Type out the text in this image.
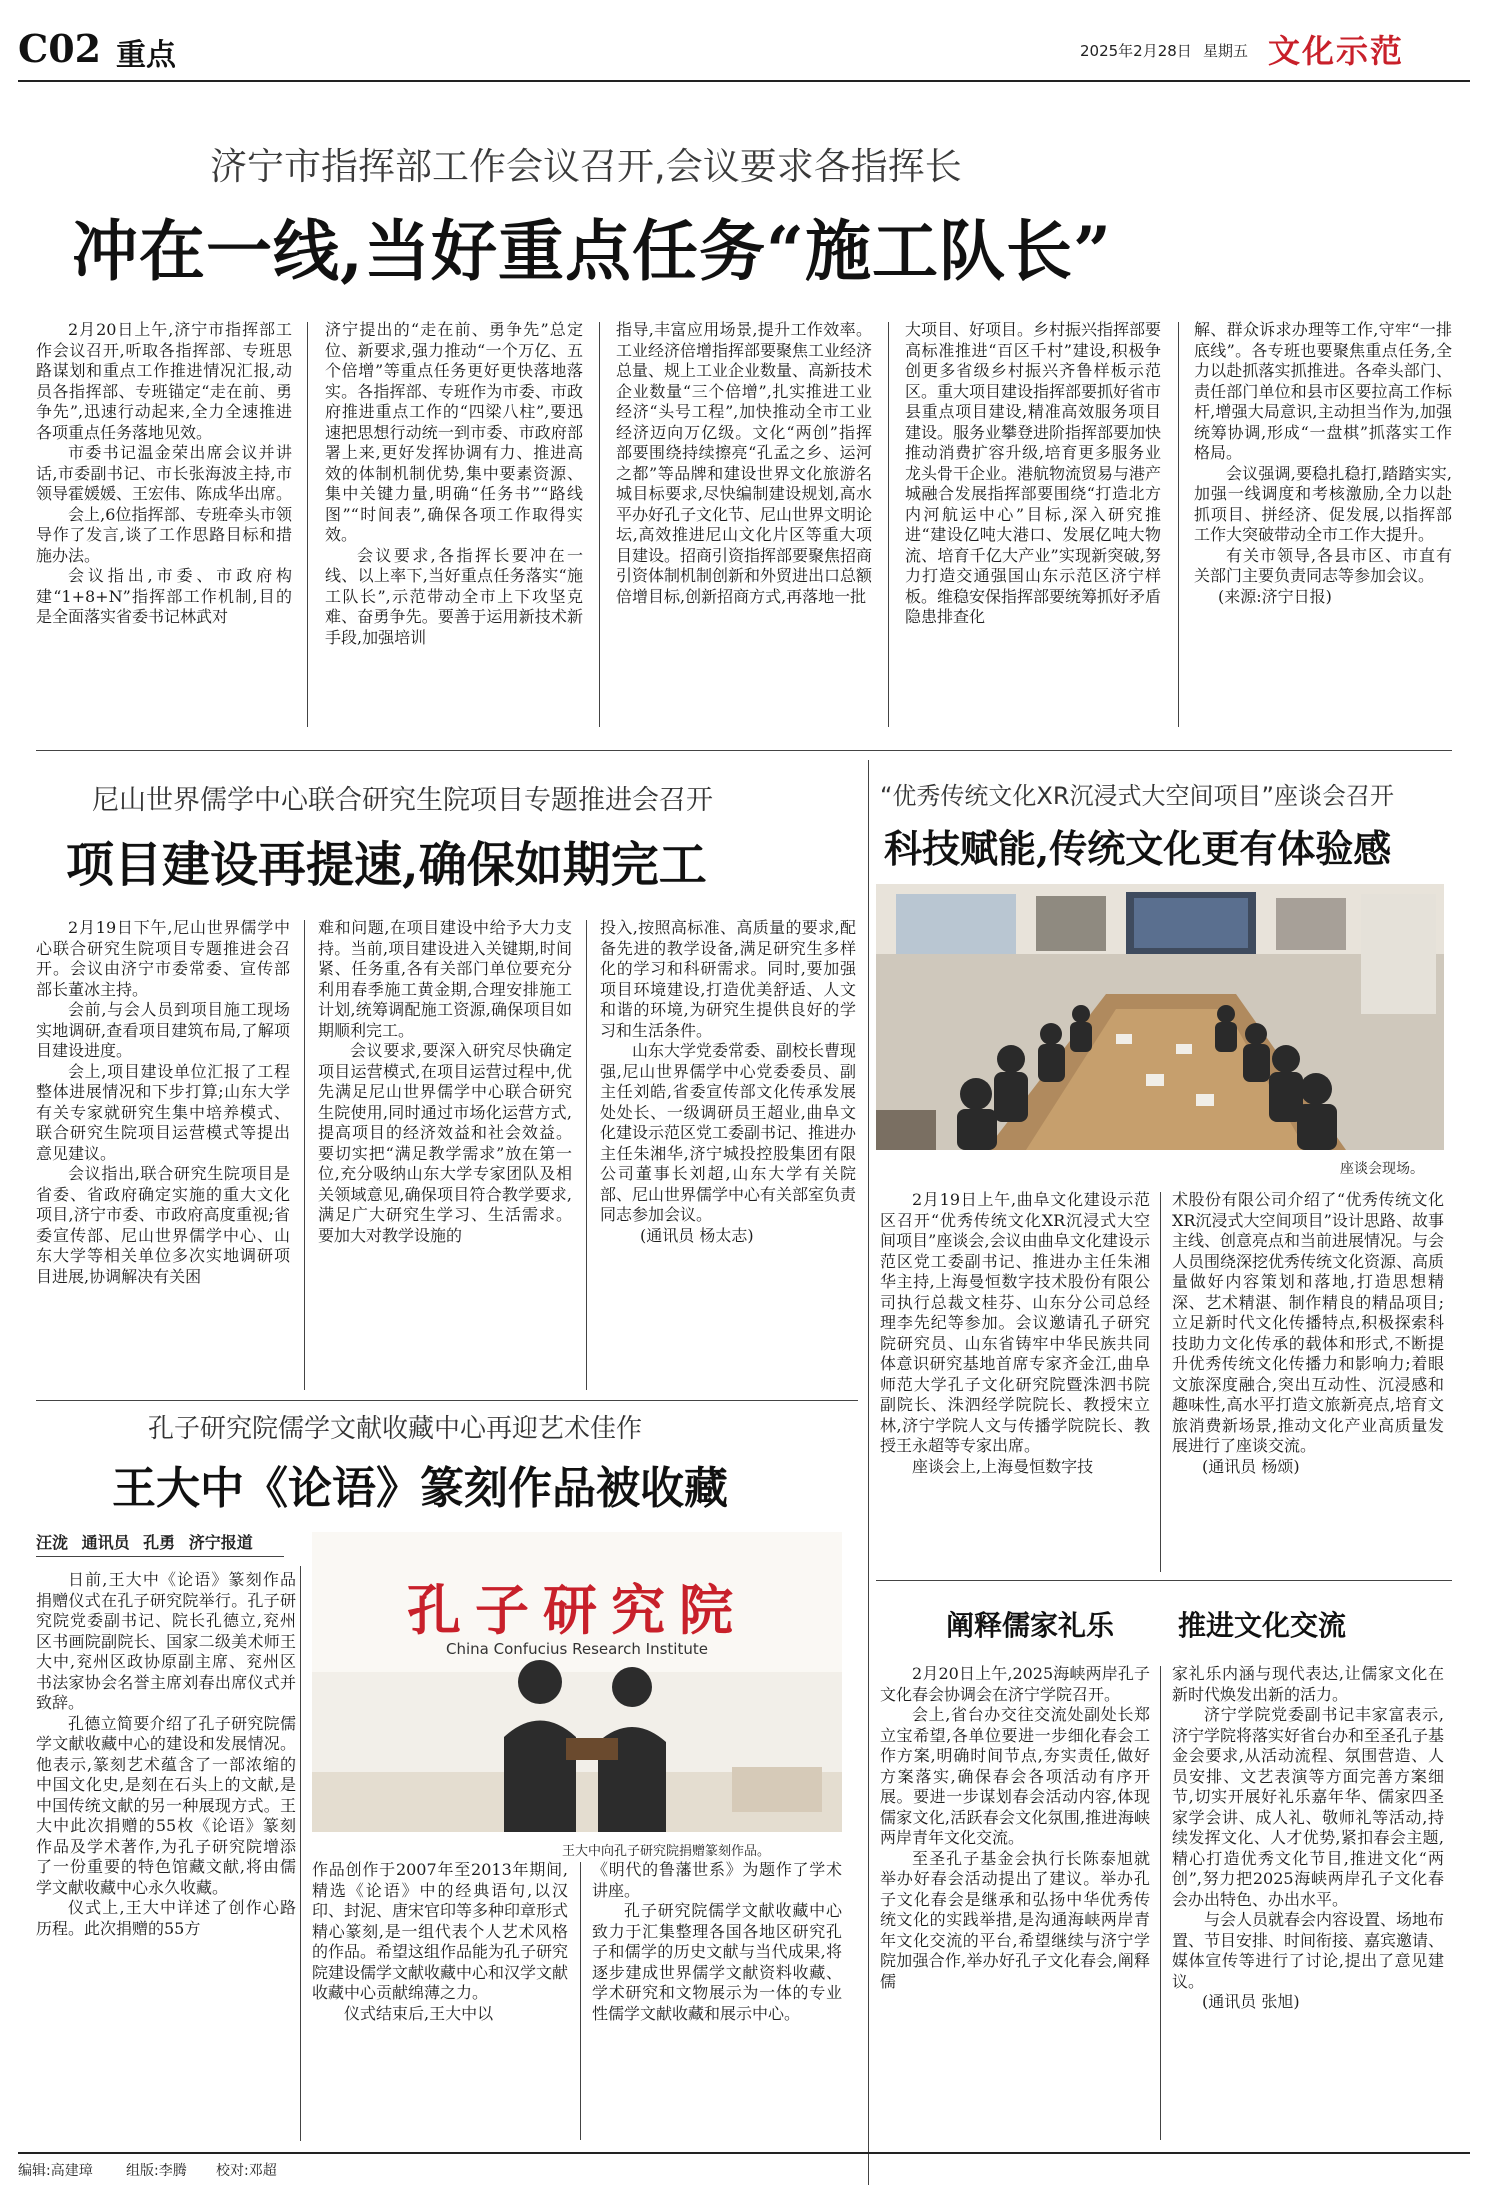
C02 重点	2025年2月28日 星期五 文化示范
济宁市指挥部工作会议召开,会议要求各指挥长
冲在一线,当好重点任务“施工队长”

2月20日上午,济宁市指挥部工作会议召开,听取各指挥部、专班思路谋划和重点工作推进情况汇报,动员各指挥部、专班锚定“走在前、勇争先”,迅速行动起来,全力全速推进各项重点任务落地见效。

市委书记温金荣出席会议并讲话,市委副书记、市长张海波主持,市领导霍媛媛、王宏伟、陈成华出席。

会上,6位指挥部、专班牵头市领导作了发言,谈了工作思路目标和措施办法。

会议指出,市委、市政府构建“1+8+N”指挥部工作机制,目的是全面落实省委书记林武对

济宁提出的“走在前、勇争先”总定位、新要求,强力推动“一个万亿、五个倍增”等重点任务更好更快落地落实。各指挥部、专班作为市委、市政府推进重点工作的“四梁八柱”,要迅速把思想行动统一到市委、市政府部署上来,更好发挥协调有力、推进高效的体制机制优势,集中要素资源、集中关键力量,明确“任务书”“路线图”“时间表”,确保各项工作取得实效。

会议要求,各指挥长要冲在一线、以上率下,当好重点任务落实“施工队长”,示范带动全市上下攻坚克难、奋勇争先。要善于运用新技术新手段,加强培训

指导,丰富应用场景,提升工作效率。工业经济倍增指挥部要聚焦工业经济总量、规上工业企业数量、高新技术企业数量“三个倍增”,扎实推进工业经济“头号工程”,加快推动全市工业经济迈向万亿级。文化“两创”指挥部要围绕持续擦亮“孔孟之乡、运河之都”等品牌和建设世界文化旅游名城目标要求,尽快编制建设规划,高水平办好孔子文化节、尼山世界文明论坛,高效推进尼山文化片区等重大项目建设。招商引资指挥部要聚焦招商引资体制机制创新和外贸进出口总额倍增目标,创新招商方式,再落地一批

大项目、好项目。乡村振兴指挥部要高标准推进“百区千村”建设,积极争创更多省级乡村振兴齐鲁样板示范区。重大项目建设指挥部要抓好省市县重点项目建设,精准高效服务项目建设。服务业攀登进阶指挥部要加快推动消费扩容升级,培育更多服务业龙头骨干企业。港航物流贸易与港产城融合发展指挥部要围绕“打造北方内河航运中心”目标,深入研究推进“建设亿吨大港口、发展亿吨大物流、培育千亿大产业”实现新突破,努力打造交通强国山东示范区济宁样板。维稳安保指挥部要统筹抓好矛盾隐患排查化

解、群众诉求办理等工作,守牢“一排底线”。各专班也要聚焦重点任务,全力以赴抓落实抓推进。各牵头部门、责任部门单位和县市区要拉高工作标杆,增强大局意识,主动担当作为,加强统筹协调,形成“一盘棋”抓落实工作格局。

会议强调,要稳扎稳打,踏踏实实,加强一线调度和考核激励,全力以赴抓项目、拼经济、促发展,以指挥部工作大突破带动全市工作大提升。

有关市领导,各县市区、市直有关部门主要负责同志等参加会议。

(来源:济宁日报)
尼山世界儒学中心联合研究生院项目专题推进会召开
项目建设再提速,确保如期完工

2月19日下午,尼山世界儒学中心联合研究生院项目专题推进会召开。会议由济宁市委常委、宣传部部长董冰主持。

会前,与会人员到项目施工现场实地调研,查看项目建筑布局,了解项目建设进度。

会上,项目建设单位汇报了工程整体进展情况和下步打算;山东大学有关专家就研究生集中培养模式、联合研究生院项目运营模式等提出意见建议。

会议指出,联合研究生院项目是省委、省政府确定实施的重大文化项目,济宁市委、市政府高度重视;省委宣传部、尼山世界儒学中心、山东大学等相关单位多次实地调研项目进展,协调解决有关困

难和问题,在项目建设中给予大力支持。当前,项目建设进入关键期,时间紧、任务重,各有关部门单位要充分利用春季施工黄金期,合理安排施工计划,统筹调配施工资源,确保项目如期顺利完工。

会议要求,要深入研究尽快确定项目运营模式,在项目运营过程中,优先满足尼山世界儒学中心联合研究生院使用,同时通过市场化运营方式,提高项目的经济效益和社会效益。要切实把“满足教学需求”放在第一位,充分吸纳山东大学专家团队及相关领域意见,确保项目符合教学要求,满足广大研究生学习、生活需求。要加大对教学设施的

投入,按照高标准、高质量的要求,配备先进的教学设备,满足研究生多样化的学习和科研需求。同时,要加强项目环境建设,打造优美舒适、人文和谐的环境,为研究生提供良好的学习和生活条件。

山东大学党委常委、副校长曹现强,尼山世界儒学中心党委委员、副主任刘皓,省委宣传部文化传承发展处处长、一级调研员王超业,曲阜文化建设示范区党工委副书记、推进办主任朱湘华,济宁城投控股集团有限公司董事长刘超,山东大学有关院部、尼山世界儒学中心有关部室负责同志参加会议。

(通讯员 杨太志)
“优秀传统文化XR沉浸式大空间项目”座谈会召开
科技赋能,传统文化更有体验感
座谈会现场。

2月19日上午,曲阜文化建设示范区召开“优秀传统文化XR沉浸式大空间项目”座谈会,会议由曲阜文化建设示范区党工委副书记、推进办主任朱湘华主持,上海曼恒数字技术股份有限公司执行总裁文桂芬、山东分公司总经理李先纪等参加。会议邀请孔子研究院研究员、山东省铸牢中华民族共同体意识研究基地首席专家齐金江,曲阜师范大学孔子文化研究院暨洙泗书院副院长、洙泗经学院院长、教授宋立林,济宁学院人文与传播学院院长、教授王永超等专家出席。

座谈会上,上海曼恒数字技

术股份有限公司介绍了“优秀传统文化XR沉浸式大空间项目”设计思路、故事主线、创意亮点和当前进展情况。与会人员围绕深挖优秀传统文化资源、高质量做好内容策划和落地,打造思想精深、艺术精湛、制作精良的精品项目;立足新时代文化传播特点,积极探索科技助力文化传承的载体和形式,不断提升优秀传统文化传播力和影响力;着眼文旅深度融合,突出互动性、沉浸感和趣味性,高水平打造文旅新亮点,培育文旅消费新场景,推动文化产业高质量发展进行了座谈交流。

(通讯员 杨颂)
孔子研究院儒学文献收藏中心再迎艺术佳作
王大中《论语》篆刻作品被收藏
汪泷 通讯员 孔勇 济宁报道
孔子研究院
China Confucius Research Institute
王大中向孔子研究院捐赠篆刻作品。

日前,王大中《论语》篆刻作品捐赠仪式在孔子研究院举行。孔子研究院党委副书记、院长孔德立,兖州区书画院副院长、国家二级美术师王大中,兖州区政协原副主席、兖州区书法家协会名誉主席刘春出席仪式并致辞。

孔德立简要介绍了孔子研究院儒学文献收藏中心的建设和发展情况。他表示,篆刻艺术蕴含了一部浓缩的中国文化史,是刻在石头上的文献,是中国传统文献的另一种展现方式。王大中此次捐赠的55枚《论语》篆刻作品及学术著作,为孔子研究院增添了一份重要的特色馆藏文献,将由儒学文献收藏中心永久收藏。

仪式上,王大中详述了创作心路历程。此次捐赠的55方

作品创作于2007年至2013年期间,精选《论语》中的经典语句,以汉印、封泥、唐宋官印等多种印章形式精心篆刻,是一组代表个人艺术风格的作品。希望这组作品能为孔子研究院建设儒学文献收藏中心和汉学文献收藏中心贡献绵薄之力。

仪式结束后,王大中以

《明代的鲁藩世系》为题作了学术讲座。

孔子研究院儒学文献收藏中心致力于汇集整理各国各地区研究孔子和儒学的历史文献与当代成果,将逐步建成世界儒学文献资料收藏、学术研究和文物展示为一体的专业性儒学文献收藏和展示中心。

阐释儒家礼乐 推进文化交流

2月20日上午,2025海峡两岸孔子文化春会协调会在济宁学院召开。

会上,省台办交往交流处副处长郑立宝希望,各单位要进一步细化春会工作方案,明确时间节点,夯实责任,做好方案落实,确保春会各项活动有序开展。要进一步谋划春会活动内容,体现儒家文化,活跃春会文化氛围,推进海峡两岸青年文化交流。

至圣孔子基金会执行长陈泰旭就举办好春会活动提出了建议。举办孔子文化春会是继承和弘扬中华优秀传统文化的实践举措,是沟通海峡两岸青年文化交流的平台,希望继续与济宁学院加强合作,举办好孔子文化春会,阐释儒

家礼乐内涵与现代表达,让儒家文化在新时代焕发出新的活力。

济宁学院党委副书记丰家富表示,济宁学院将落实好省台办和至圣孔子基金会要求,从活动流程、氛围营造、人员安排、文艺表演等方面完善方案细节,切实开展好礼乐嘉年华、儒家四圣家学会讲、成人礼、敬师礼等活动,持续发挥文化、人才优势,紧扣春会主题,精心打造优秀文化节目,推进文化“两创”,努力把2025海峡两岸孔子文化春会办出特色、办出水平。

与会人员就春会内容设置、场地布置、节目安排、时间衔接、嘉宾邀请、媒体宣传等进行了讨论,提出了意见建议。

(通讯员 张旭)
编辑:高建璋 组版:李腾 校对:邓超
